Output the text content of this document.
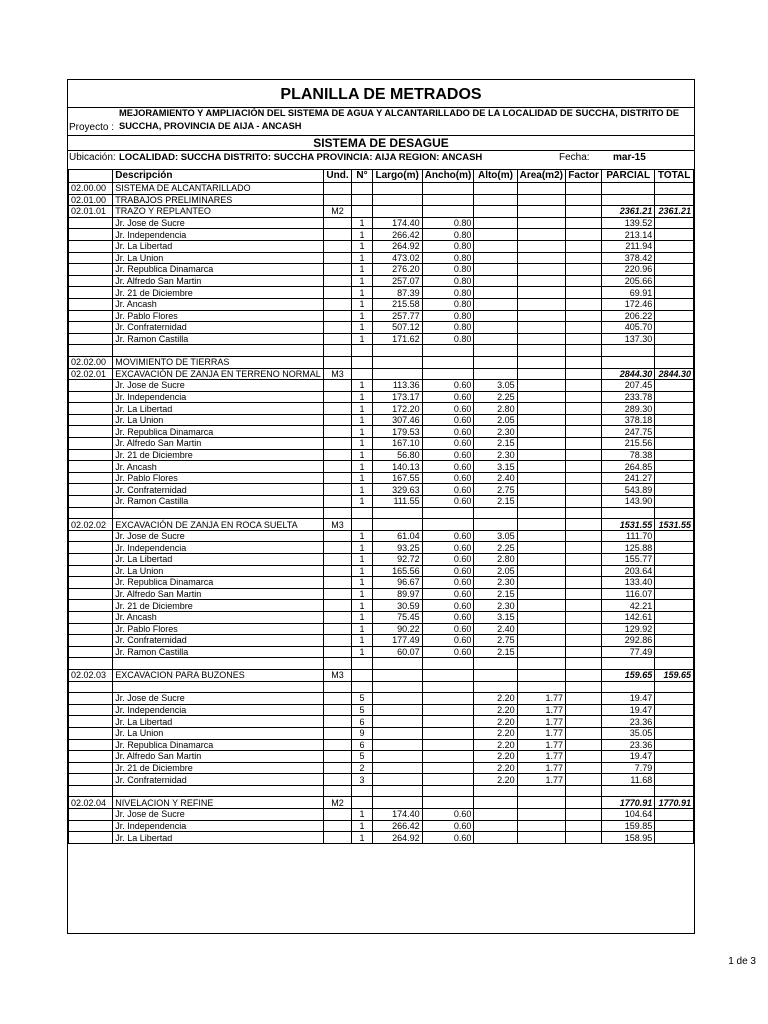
PLANILLA DE METRADOS
Proyecto :
MEJORAMIENTO Y AMPLIACIÓN DEL SISTEMA DE AGUA Y ALCANTARILLADO DE LA LOCALIDAD DE SUCCHA, DISTRITO DE SUCCHA, PROVINCIA DE AIJA - ANCASH
SISTEMA DE DESAGUE
Ubicación: LOCALIDAD: SUCCHA DISTRITO: SUCCHA PROVINCIA: AIJA REGION: ANCASH	Fecha: mar-15
	Descripción	Und.	N°	Largo(m)	Ancho(m)	Alto(m)	Area(m2)	Factor	PARCIAL	TOTAL
02.00.00	SISTEMA DE ALCANTARILLADO									
02.01.00	TRABAJOS PRELIMINARES									
02.01.01	TRAZO Y REPLANTEO	M2							2361.21	2361.21
	Jr. Jose de Sucre		1	174.40	0.80				139.52	
	Jr. Independencia		1	266.42	0.80				213.14	
	Jr. La Libertad		1	264.92	0.80				211.94	
	Jr. La Union		1	473.02	0.80				378.42	
	Jr. Republica Dinamarca		1	276.20	0.80				220.96	
	Jr. Alfredo San Martin		1	257.07	0.80				205.66	
	Jr. 21 de Diciembre		1	87.39	0.80				69.91	
	Jr. Ancash		1	215.58	0.80				172.46	
	Jr. Pablo Flores		1	257.77	0.80				206.22	
	Jr. Confraternidad		1	507.12	0.80				405.70	
	Jr. Ramon Castilla		1	171.62	0.80				137.30	

02.02.00	MOVIMIENTO DE TIERRAS									
02.02.01	EXCAVACIÓN DE ZANJA EN TERRENO NORMAL	M3							2844.30	2844.30
	Jr. Jose de Sucre		1	113.36	0.60	3.05			207.45	
	Jr. Independencia		1	173.17	0.60	2.25			233.78	
	Jr. La Libertad		1	172.20	0.60	2.80			289.30	
	Jr. La Union		1	307.46	0.60	2.05			378.18	
	Jr. Republica Dinamarca		1	179.53	0.60	2.30			247.75	
	Jr. Alfredo San Martin		1	167.10	0.60	2.15			215.56	
	Jr. 21 de Diciembre		1	56.80	0.60	2.30			78.38	
	Jr. Ancash		1	140.13	0.60	3.15			264.85	
	Jr. Pablo Flores		1	167.55	0.60	2.40			241.27	
	Jr. Confraternidad		1	329.63	0.60	2.75			543.89	
	Jr. Ramon Castilla		1	111.55	0.60	2.15			143.90	

02.02.02	EXCAVACIÓN DE ZANJA EN ROCA SUELTA	M3							1531.55	1531.55
	Jr. Jose de Sucre		1	61.04	0.60	3.05			111.70	
	Jr. Independencia		1	93.25	0.60	2.25			125.88	
	Jr. La Libertad		1	92.72	0.60	2.80			155.77	
	Jr. La Union		1	165.56	0.60	2.05			203.64	
	Jr. Republica Dinamarca		1	96.67	0.60	2.30			133.40	
	Jr. Alfredo San Martin		1	89.97	0.60	2.15			116.07	
	Jr. 21 de Diciembre		1	30.59	0.60	2.30			42.21	
	Jr. Ancash		1	75.45	0.60	3.15			142.61	
	Jr. Pablo Flores		1	90.22	0.60	2.40			129.92	
	Jr. Confraternidad		1	177.49	0.60	2.75			292.86	
	Jr. Ramon Castilla		1	60.07	0.60	2.15			77.49	

02.02.03	EXCAVACION PARA BUZONES	M3							159.65	159.65

	Jr. Jose de Sucre		5			2.20	1.77		19.47	
	Jr. Independencia		5			2.20	1.77		19.47	
	Jr. La Libertad		6			2.20	1.77		23.36	
	Jr. La Union		9			2.20	1.77		35.05	
	Jr. Republica Dinamarca		6			2.20	1.77		23.36	
	Jr. Alfredo San Martin		5			2.20	1.77		19.47	
	Jr. 21 de Diciembre		2			2.20	1.77		7.79	
	Jr. Confraternidad		3			2.20	1.77		11.68	

02.02.04	NIVELACION Y REFINE	M2							1770.91	1770.91
	Jr. Jose de Sucre		1	174.40	0.60				104.64	
	Jr. Independencia		1	266.42	0.60				159.85	
	Jr. La Libertad		1	264.92	0.60				158.95	
1 de 3
